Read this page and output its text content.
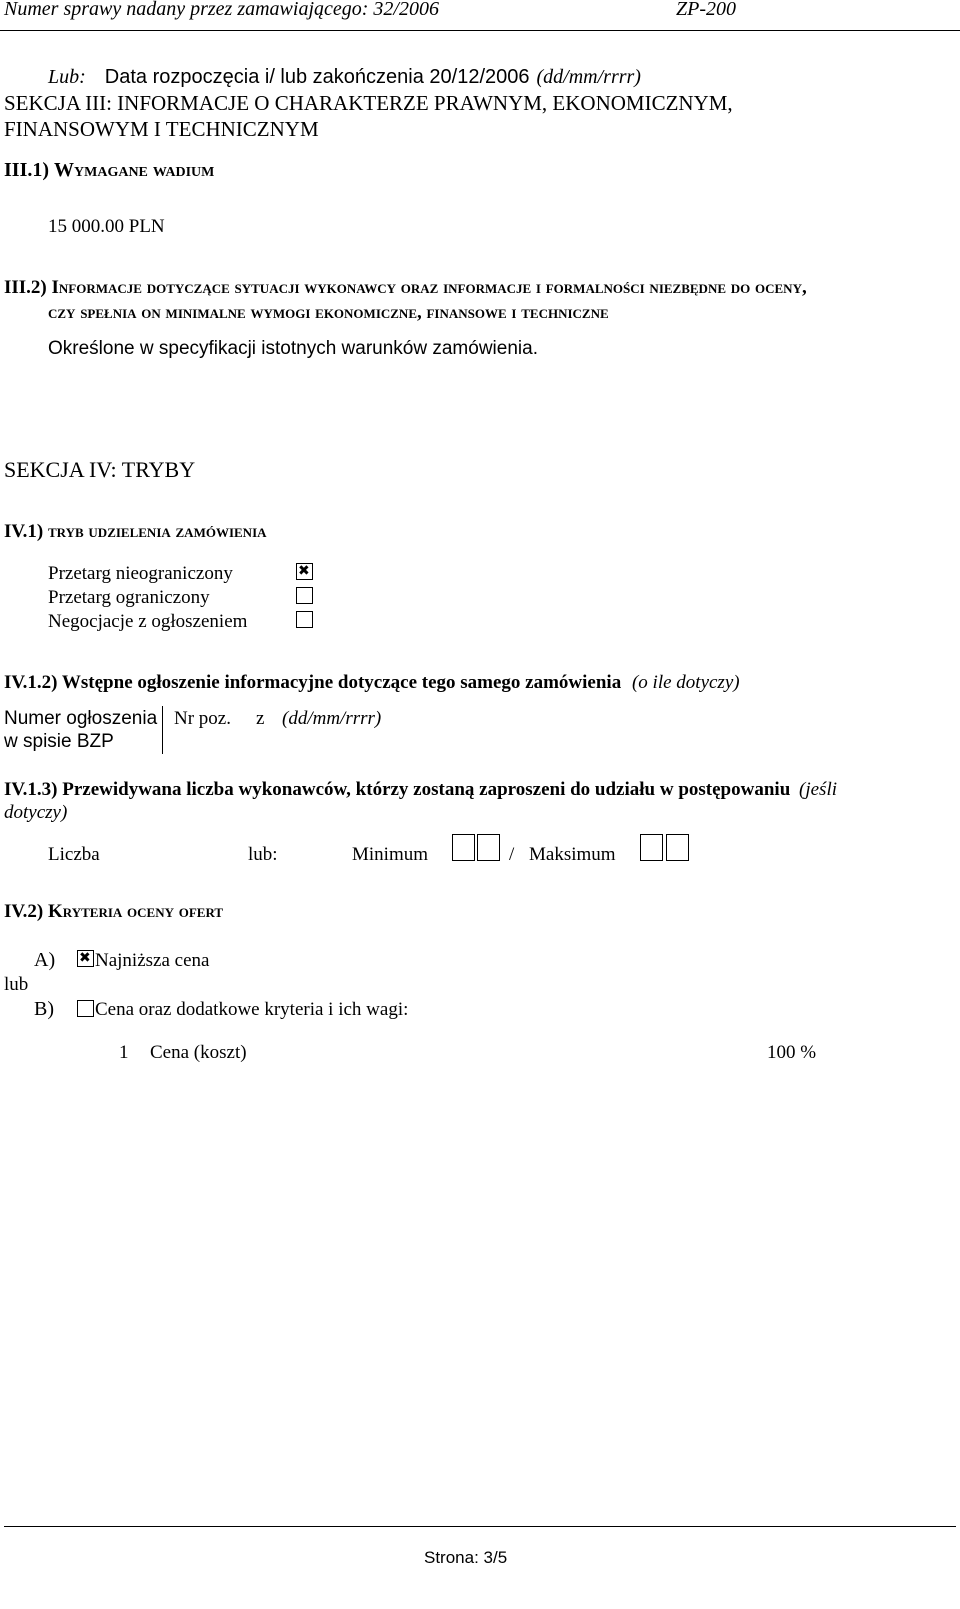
Numer sprawy nadany przez zamawiającego: 32/2006	ZP-200
Lub: Data rozpoczęcia i/ lub zakończenia 20/12/2006 (dd/mm/rrrr)
SEKCJA III: INFORMACJE O CHARAKTERZE PRAWNYM, EKONOMICZNYM,
FINANSOWYM I TECHNICZNYM
III.1) Wymagane wadium
15 000.00 PLN
III.2) Informacje dotyczące sytuacji wykonawcy oraz informacje i formalności niezbędne do oceny,
czy spełnia on minimalne wymogi ekonomiczne, finansowe i techniczne
Określone w specyfikacji istotnych warunków zamówienia.
SEKCJA IV: TRYBY
IV.1) tryb udzielenia zamówienia
Przetarg nieograniczony
✖
Przetarg ograniczony
Negocjacje z ogłoszeniem
IV.1.2) Wstępne ogłoszenie informacyjne dotyczące tego samego zamówienia (o ile dotyczy)
Numer ogłoszenia
w spisie BZP
Nr poz. z (dd/mm/rrrr)
IV.1.3) Przewidywana liczba wykonawców, którzy zostaną zaproszeni do udziału w postępowaniu (jeśli
dotyczy)
Liczba	lub:	Minimum	/ Maksimum
IV.2) Kryteria oceny ofert
A)
✖ Najniższa cena
lub
B) Cena oraz dodatkowe kryteria i ich wagi:
1 Cena (koszt)	100 %
Strona: 3/5
